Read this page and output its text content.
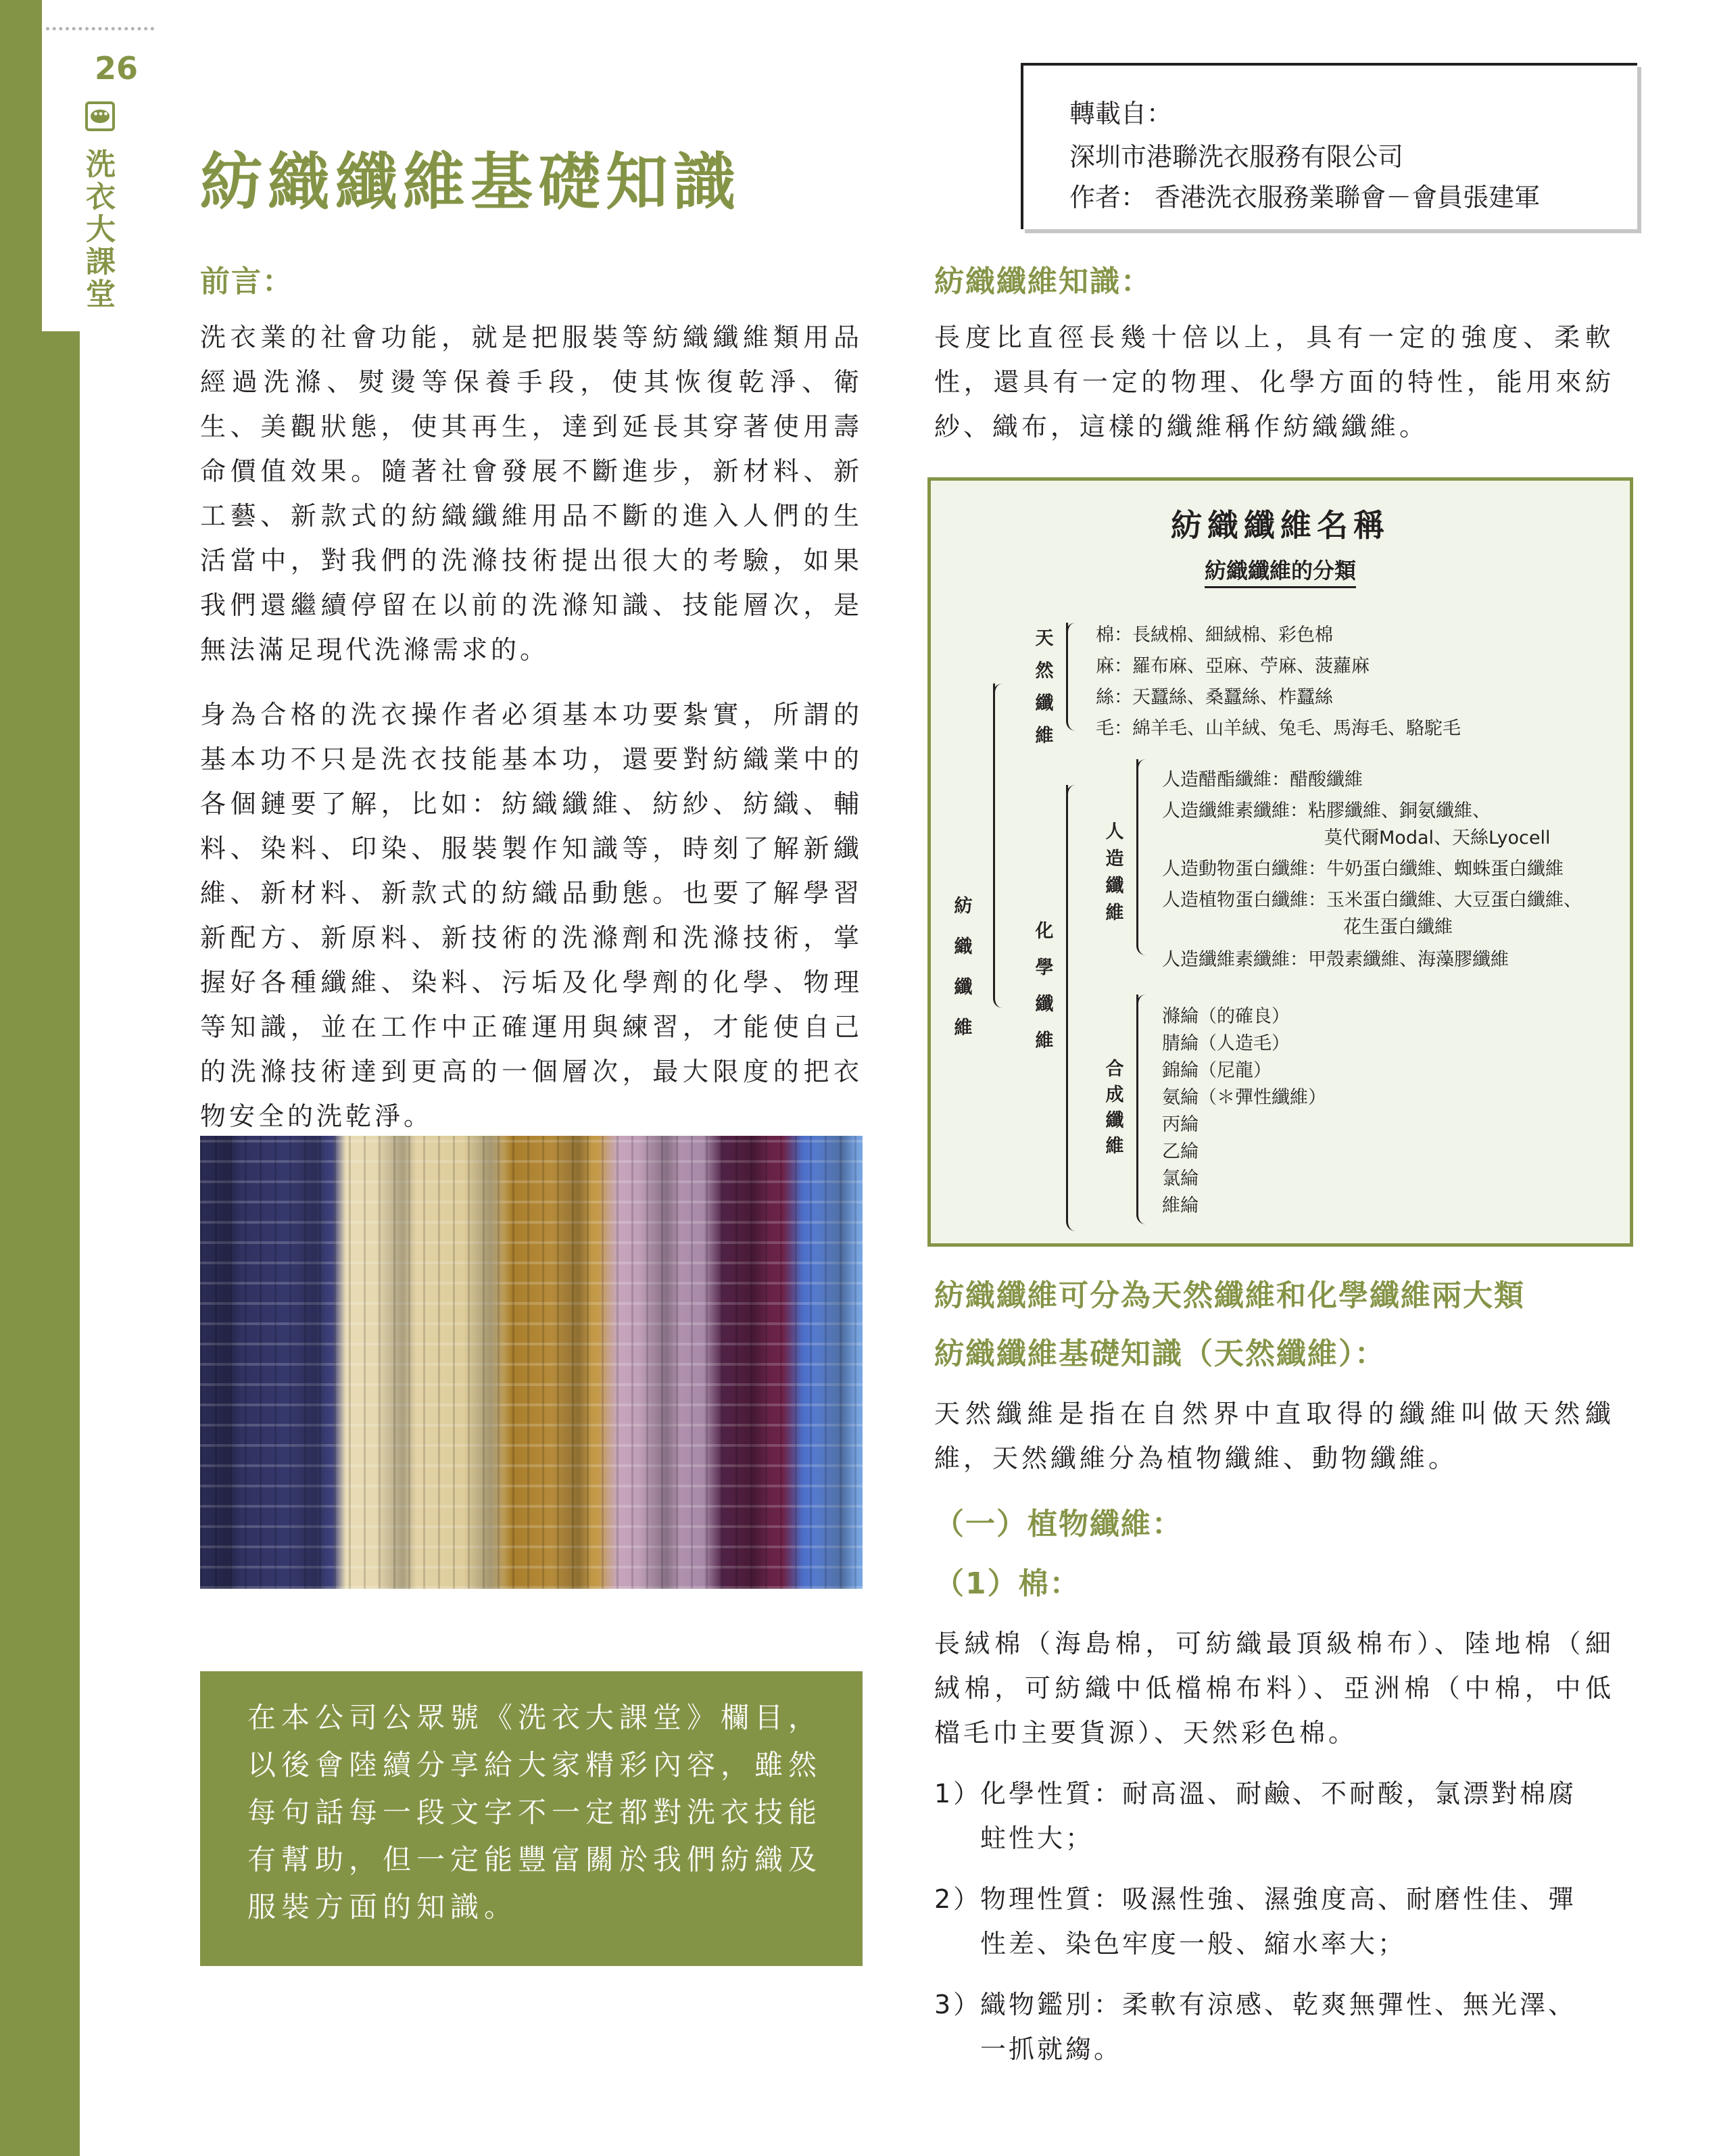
26
•••
洗衣大課堂
紡織纖維基礎知識
轉載自：
深圳市港聯洗衣服務有限公司
作者： 香港洗衣服務業聯會－會員張建軍
前言：
洗衣業的社會功能，就是把服裝等紡織纖維類用品經過洗滌、熨燙等保養手段，使其恢復乾淨、衛生、美觀狀態，使其再生，達到延長其穿著使用壽命價值效果。隨著社會發展不斷進步，新材料、新工藝、新款式的紡織纖維用品不斷的進入人們的生活當中，對我們的洗滌技術提出很大的考驗，如果我們還繼續停留在以前的洗滌知識、技能層次，是無法滿足現代洗滌需求的。
身為合格的洗衣操作者必須基本功要紮實，所謂的基本功不只是洗衣技能基本功，還要對紡織業中的各個鏈要了解，比如：紡織纖維、紡紗、紡織、輔料、染料、印染、服裝製作知識等，時刻了解新纖維、新材料、新款式的紡織品動態。也要了解學習新配方、新原料、新技術的洗滌劑和洗滌技術，掌握好各種纖維、染料、污垢及化學劑的化學、物理等知識，並在工作中正確運用與練習，才能使自己的洗滌技術達到更高的一個層次，最大限度的把衣物安全的洗乾淨。
在本公司公眾號《洗衣大課堂》欄目，以後會陸續分享給大家精彩內容，雖然每句話每一段文字不一定都對洗衣技能有幫助，但一定能豐富關於我們紡織及服裝方面的知識。
紡織纖維知識：
長度比直徑長幾十倍以上，具有一定的強度、柔軟性，還具有一定的物理、化學方面的特性，能用來紡紗、織布，這樣的纖維稱作紡織纖維。
紡織纖維名稱
紡織纖維的分類
紡織纖維
天然纖維
棉：長絨棉、細絨棉、彩色棉
麻：羅布麻、亞麻、苧麻、菠蘿麻
絲：天蠶絲、桑蠶絲、柞蠶絲
毛：綿羊毛、山羊絨、兔毛、馬海毛、駱駝毛
化學纖維
人造纖維
人造醋酯纖維：醋酸纖維
人造纖維素纖維：粘膠纖維、銅氨纖維、
莫代爾Modal、天絲Lyocell
人造動物蛋白纖維：牛奶蛋白纖維、蜘蛛蛋白纖維
人造植物蛋白纖維：玉米蛋白纖維、大豆蛋白纖維、
花生蛋白纖維
人造纖維素纖維：甲殼素纖維、海藻膠纖維
合成纖維
滌綸（的確良）
腈綸（人造毛）
錦綸（尼龍）
氨綸（＊彈性纖維）
丙綸
乙綸
氯綸
維綸
紡織纖維可分為天然纖維和化學纖維兩大類
紡織纖維基礎知識（天然纖維）：
天然纖維是指在自然界中直取得的纖維叫做天然纖維，天然纖維分為植物纖維、動物纖維。
（一）植物纖維：
（1）棉：
長絨棉（海島棉，可紡織最頂級棉布）、陸地棉（細絨棉，可紡織中低檔棉布料）、亞洲棉（中棉，中低檔毛巾主要貨源）、天然彩色棉。
1）
化學性質：耐高溫、耐鹼、不耐酸，氯漂對棉腐
蛀性大；
2）
物理性質：吸濕性強、濕強度高、耐磨性佳、彈
性差、染色牢度一般、縮水率大；
3）
織物鑑別：柔軟有涼感、乾爽無彈性、無光澤、
一抓就縐。
